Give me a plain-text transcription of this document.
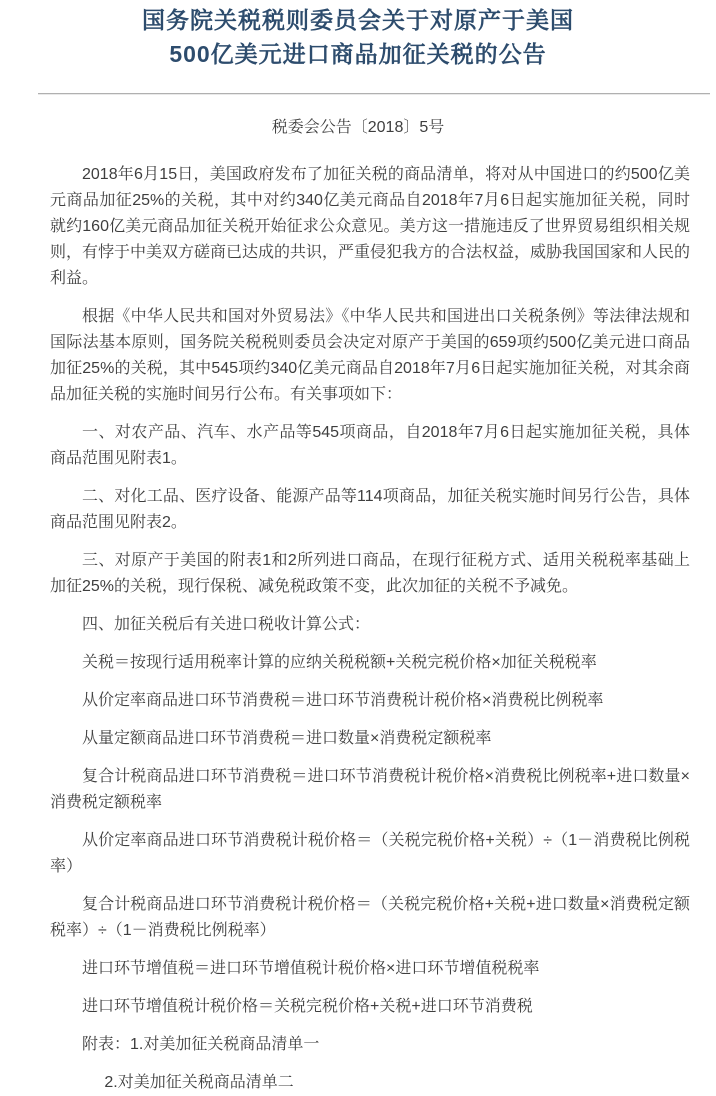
国务院关税税则委员会关于对原产于美国
500亿美元进口商品加征关税的公告

税委会公告〔2018〕5号

2018年6月15日，美国政府发布了加征关税的商品清单，将对从中国进口的约500亿美元商品加征25%的关税，其中对约340亿美元商品自2018年7月6日起实施加征关税，同时就约160亿美元商品加征关税开始征求公众意见。美方这一措施违反了世界贸易组织相关规则，有悖于中美双方磋商已达成的共识，严重侵犯我方的合法权益，威胁我国国家和人民的利益。

根据《中华人民共和国对外贸易法》《中华人民共和国进出口关税条例》等法律法规和国际法基本原则，国务院关税税则委员会决定对原产于美国的659项约500亿美元进口商品加征25%的关税，其中545项约340亿美元商品自2018年7月6日起实施加征关税，对其余商品加征关税的实施时间另行公布。有关事项如下：

一、对农产品、汽车、水产品等545项商品，自2018年7月6日起实施加征关税，具体商品范围见附表1。

二、对化工品、医疗设备、能源产品等114项商品，加征关税实施时间另行公告，具体商品范围见附表2。

三、对原产于美国的附表1和2所列进口商品，在现行征税方式、适用关税税率基础上加征25%的关税，现行保税、减免税政策不变，此次加征的关税不予减免。

四、加征关税后有关进口税收计算公式：

关税＝按现行适用税率计算的应纳关税税额+关税完税价格×加征关税税率

从价定率商品进口环节消费税＝进口环节消费税计税价格×消费税比例税率

从量定额商品进口环节消费税＝进口数量×消费税定额税率

复合计税商品进口环节消费税＝进口环节消费税计税价格×消费税比例税率+进口数量×消费税定额税率

从价定率商品进口环节消费税计税价格＝（关税完税价格+关税）÷（1－消费税比例税率）

复合计税商品进口环节消费税计税价格＝（关税完税价格+关税+进口数量×消费税定额税率）÷（1－消费税比例税率）

进口环节增值税＝进口环节增值税计税价格×进口环节增值税税率

进口环节增值税计税价格＝关税完税价格+关税+进口环节消费税

附表：1.对美加征关税商品清单一

2.对美加征关税商品清单二
